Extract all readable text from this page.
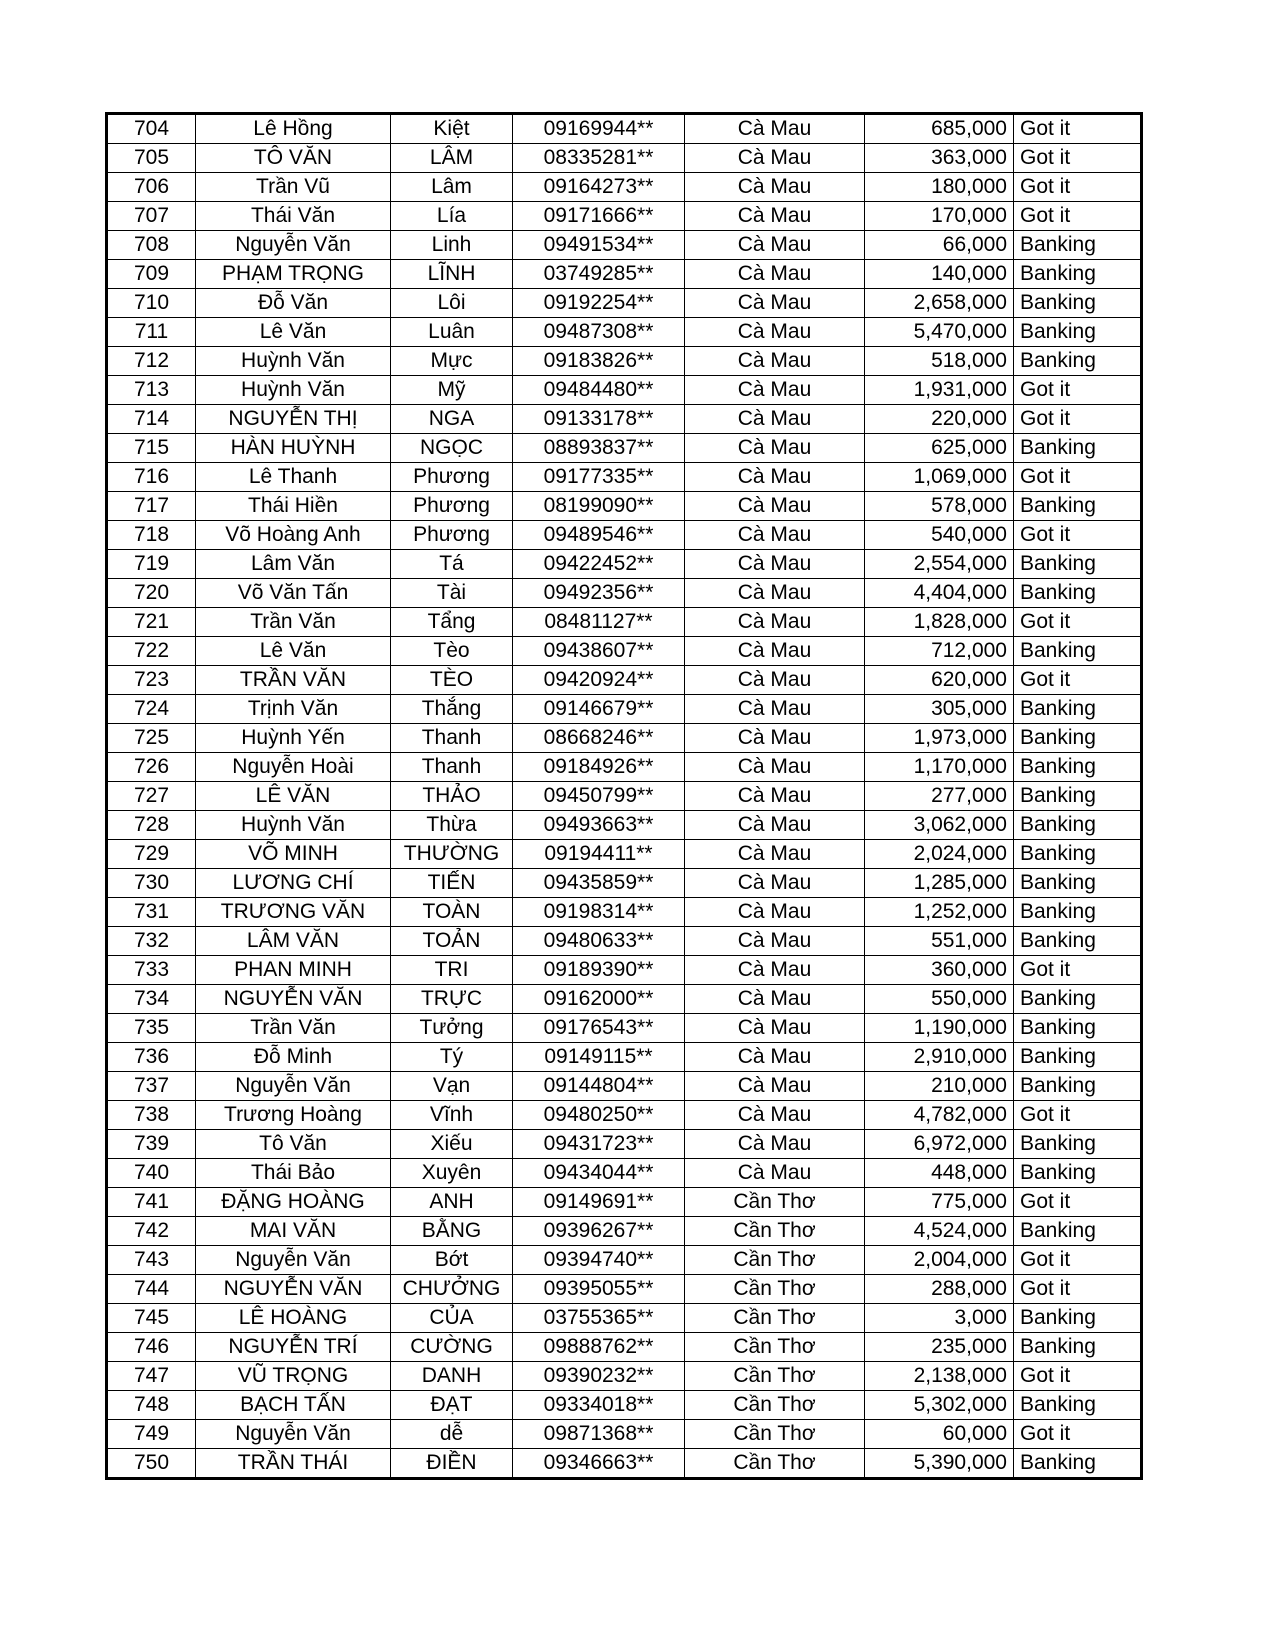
704	Lê Hồng	Kiệt	09169944**	Cà Mau	685,000	Got it
705	TÔ VĂN	LÂM	08335281**	Cà Mau	363,000	Got it
706	Trần Vũ	Lâm	09164273**	Cà Mau	180,000	Got it
707	Thái Văn	Lía	09171666**	Cà Mau	170,000	Got it
708	Nguyễn Văn	Linh	09491534**	Cà Mau	66,000	Banking
709	PHẠM TRỌNG	LĨNH	03749285**	Cà Mau	140,000	Banking
710	Đỗ Văn	Lôi	09192254**	Cà Mau	2,658,000	Banking
711	Lê Văn	Luân	09487308**	Cà Mau	5,470,000	Banking
712	Huỳnh Văn	Mực	09183826**	Cà Mau	518,000	Banking
713	Huỳnh Văn	Mỹ	09484480**	Cà Mau	1,931,000	Got it
714	NGUYỄN THỊ	NGA	09133178**	Cà Mau	220,000	Got it
715	HÀN HUỲNH	NGỌC	08893837**	Cà Mau	625,000	Banking
716	Lê Thanh	Phương	09177335**	Cà Mau	1,069,000	Got it
717	Thái Hiền	Phương	08199090**	Cà Mau	578,000	Banking
718	Võ Hoàng Anh	Phương	09489546**	Cà Mau	540,000	Got it
719	Lâm Văn	Tá	09422452**	Cà Mau	2,554,000	Banking
720	Võ Văn Tấn	Tài	09492356**	Cà Mau	4,404,000	Banking
721	Trần Văn	Tẩng	08481127**	Cà Mau	1,828,000	Got it
722	Lê Văn	Tèo	09438607**	Cà Mau	712,000	Banking
723	TRẦN VĂN	TÈO	09420924**	Cà Mau	620,000	Got it
724	Trịnh Văn	Thắng	09146679**	Cà Mau	305,000	Banking
725	Huỳnh Yến	Thanh	08668246**	Cà Mau	1,973,000	Banking
726	Nguyễn Hoài	Thanh	09184926**	Cà Mau	1,170,000	Banking
727	LÊ VĂN	THẢO	09450799**	Cà Mau	277,000	Banking
728	Huỳnh Văn	Thừa	09493663**	Cà Mau	3,062,000	Banking
729	VÕ MINH	THƯỜNG	09194411**	Cà Mau	2,024,000	Banking
730	LƯƠNG CHÍ	TIẾN	09435859**	Cà Mau	1,285,000	Banking
731	TRƯƠNG VĂN	TOÀN	09198314**	Cà Mau	1,252,000	Banking
732	LÂM VĂN	TOẢN	09480633**	Cà Mau	551,000	Banking
733	PHAN MINH	TRI	09189390**	Cà Mau	360,000	Got it
734	NGUYỄN VĂN	TRỰC	09162000**	Cà Mau	550,000	Banking
735	Trần Văn	Tưởng	09176543**	Cà Mau	1,190,000	Banking
736	Đỗ Minh	Tý	09149115**	Cà Mau	2,910,000	Banking
737	Nguyễn Văn	Vạn	09144804**	Cà Mau	210,000	Banking
738	Trương Hoàng	Vĩnh	09480250**	Cà Mau	4,782,000	Got it
739	Tô Văn	Xiếu	09431723**	Cà Mau	6,972,000	Banking
740	Thái Bảo	Xuyên	09434044**	Cà Mau	448,000	Banking
741	ĐẶNG HOÀNG	ANH	09149691**	Cần Thơ	775,000	Got it
742	MAI VĂN	BẰNG	09396267**	Cần Thơ	4,524,000	Banking
743	Nguyễn Văn	Bớt	09394740**	Cần Thơ	2,004,000	Got it
744	NGUYỄN VĂN	CHƯỞNG	09395055**	Cần Thơ	288,000	Got it
745	LÊ HOÀNG	CỦA	03755365**	Cần Thơ	3,000	Banking
746	NGUYỄN TRÍ	CƯỜNG	09888762**	Cần Thơ	235,000	Banking
747	VŨ TRỌNG	DANH	09390232**	Cần Thơ	2,138,000	Got it
748	BẠCH TẤN	ĐẠT	09334018**	Cần Thơ	5,302,000	Banking
749	Nguyễn Văn	dễ	09871368**	Cần Thơ	60,000	Got it
750	TRẦN THÁI	ĐIỀN	09346663**	Cần Thơ	5,390,000	Banking
